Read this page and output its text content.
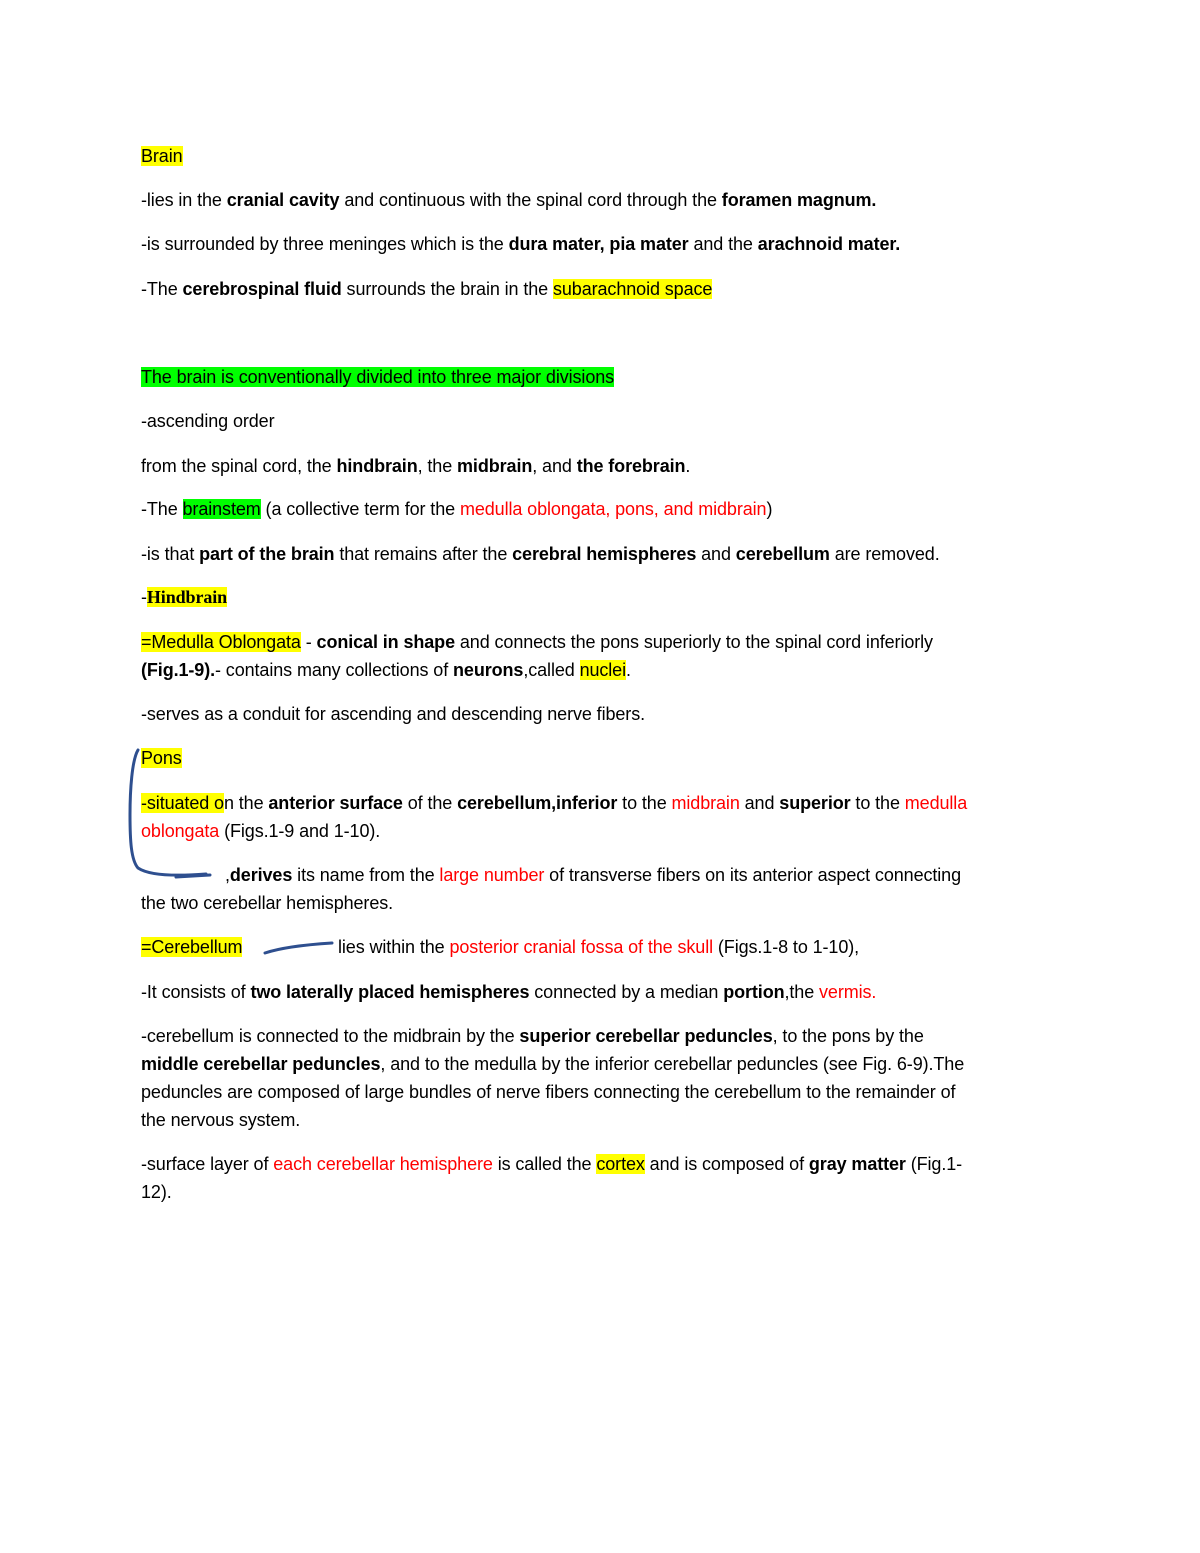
Brain
-lies in the cranial cavity and continuous with the spinal cord through the foramen magnum.
-is surrounded by three meninges which is the dura mater, pia mater and the arachnoid mater.
-The cerebrospinal fluid surrounds the brain in the subarachnoid space
The brain is conventionally divided into three major divisions
-ascending order
from the spinal cord, the hindbrain, the midbrain, and the forebrain.
-The brainstem (a collective term for the medulla oblongata, pons, and midbrain)
-is that part of the brain that remains after the cerebral hemispheres and cerebellum are removed.
-Hindbrain
=Medulla Oblongata - conical in shape and connects the pons superiorly to the spinal cord inferiorly
(Fig.1-9).- contains many collections of neurons,called nuclei.
-serves as a conduit for ascending and descending nerve fibers.
Pons
-situated on the anterior surface of the cerebellum,inferior to the midbrain and superior to the medulla
oblongata (Figs.1-9 and 1-10).
,derives its name from the large number of transverse fibers on its anterior aspect connecting
the two cerebellar hemispheres.
=Cerebellum	lies within the posterior cranial fossa of the skull (Figs.1-8 to 1-10),
-It consists of two laterally placed hemispheres connected by a median portion,the vermis.
-cerebellum is connected to the midbrain by the superior cerebellar peduncles, to the pons by the
middle cerebellar peduncles, and to the medulla by the inferior cerebellar peduncles (see Fig. 6-9).The
peduncles are composed of large bundles of nerve fibers connecting the cerebellum to the remainder of
the nervous system.
-surface layer of each cerebellar hemisphere is called the cortex and is composed of gray matter (Fig.1-
12).
